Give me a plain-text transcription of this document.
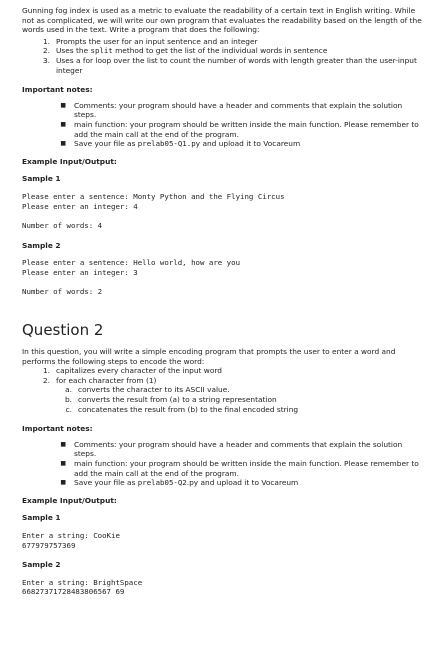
Gunning fog index is used as a metric to evaluate the readability of a certain text in English writing. While not as complicated, we will write our own program that evaluates the readability based on the length of the words used in the text. Write a program that does the following:

1. Prompts the user for an input sentence and an integer
2. Uses the split method to get the list of the individual words in sentence
3. Uses a for loop over the list to count the number of words with length greater than the user-input integer

Important notes:

■	Comments: your program should have a header and comments that explain the solution steps.
■	main function: your program should be written inside the main function. Please remember to add the main call at the end of the program.
■	Save your file as prelab05-Q1.py and upload it to Vocareum

Example Input/Output:

Sample 1

Please enter a sentence: Monty Python and the Flying Circus

Please enter an integer: 4

Number of words: 4

Sample 2

Please enter a sentence: Hello world, how are you

Please enter an integer: 3

Number of words: 2

Question 2

In this question, you will write a simple encoding program that prompts the user to enter a word and performs the following steps to encode the word:

1. capitalizes every character of the input word
2. for each character from (1)
a. converts the character to its ASCII value.
b. converts the result from (a) to a string representation
c. concatenates the result from (b) to the final encoded string

Important notes:

■	Comments: your program should have a header and comments that explain the solution steps.
■	main function: your program should be written inside the main function. Please remember to add the main call at the end of the program.
■	Save your file as prelab05-Q2.py and upload it to Vocareum

Example Input/Output:

Sample 1

Enter a string: CooKie

677979757369

Sample 2

Enter a string: BrightSpace

66827371728483806567 69
